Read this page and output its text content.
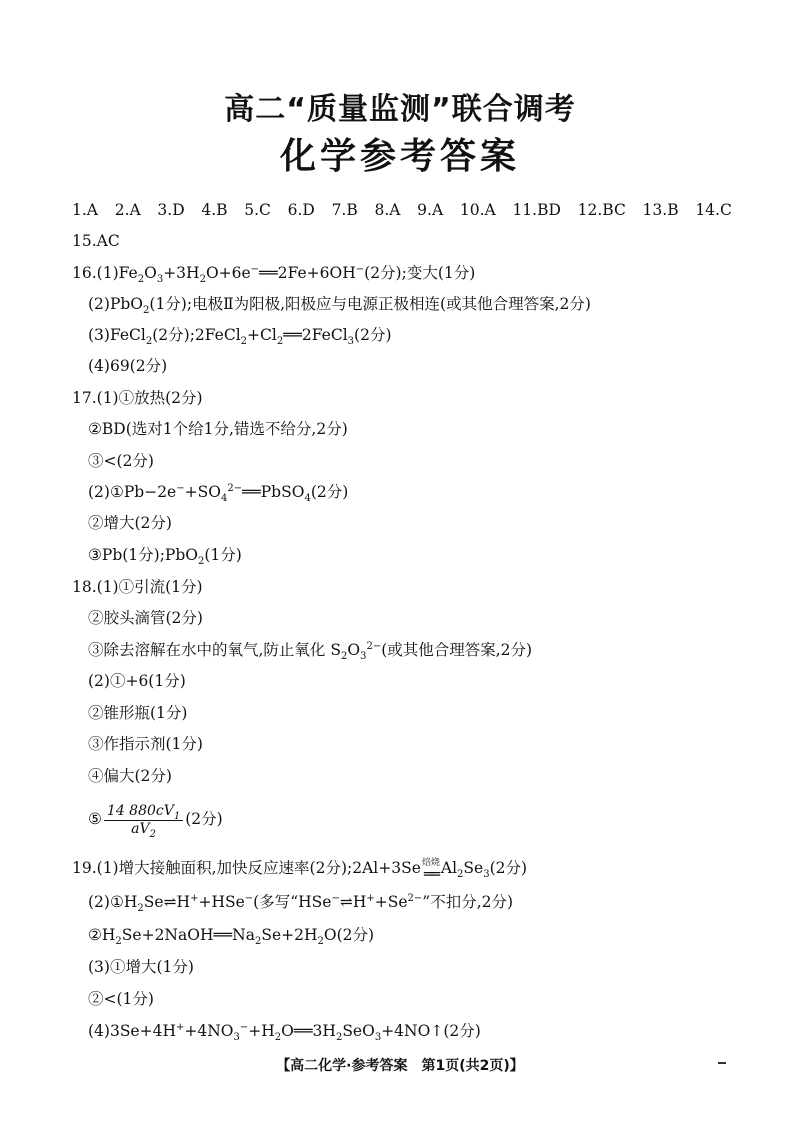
高二“质量监测”联合调考
化学参考答案
1.A 2.A 3.D 4.B 5.C 6.D 7.B 8.A 9.A 10.A 11.BD 12.BC 13.B 14.C
15.AC
$16.(1)Fe_2O_3+3H_2O+6e^-══2Fe+6OH^-(2$分);变大(1分)
(2)PbO$_2$(1分);电极Ⅱ为阳极,阳极应与电源正极相连(或其他合理答案,2分)
(3)FeCl$_2$(2分)$;2FeCl_2+Cl_2══2FeCl_3(2$分)
(4)69(2分)
17.(1)①放热(2分)
②BD(选对1个给1分,错选不给分,2分)
③<(2分)
$(2)①Pb-2e^-+SO_4^{2-}══PbSO_4(2$分)
②增大(2分)
③Pb(1分);PbO$_2$(1分)
18.(1)①引流(1分)
②胶头滴管(2分)
③除去溶解在水中的氧气,防止氧化 $S_2O_3^{2-}$(或其他合理答案,2分)
(2)①+6(1分)
②锥形瓶(1分)
③作指示剂(1分)
④偏大(2分)
⑤ $\frac{14 880cV_1}{aV_2} (2$分)
19.(1)增大接触面积,加快反应速率(2分);2Al+3Se 焙烧
══ $Al_2Se_3(2$分)
$(2)①H_2Se\rightleftharpoons H^++HSe^-$(多写“$HSe^-\rightleftharpoons H^++Se^{2-}$”不扣分,2分)
$②H_2Se+2NaOH══Na_2Se+2H_2O(2$分)
(3)①增大(1分)
②<(1分)
$(4)3Se+4H^++4NO_3^-+H_2O══3H_2SeO_3+4NO↑(2$分)
【高二化学·参考答案　第1页(共2页)】
